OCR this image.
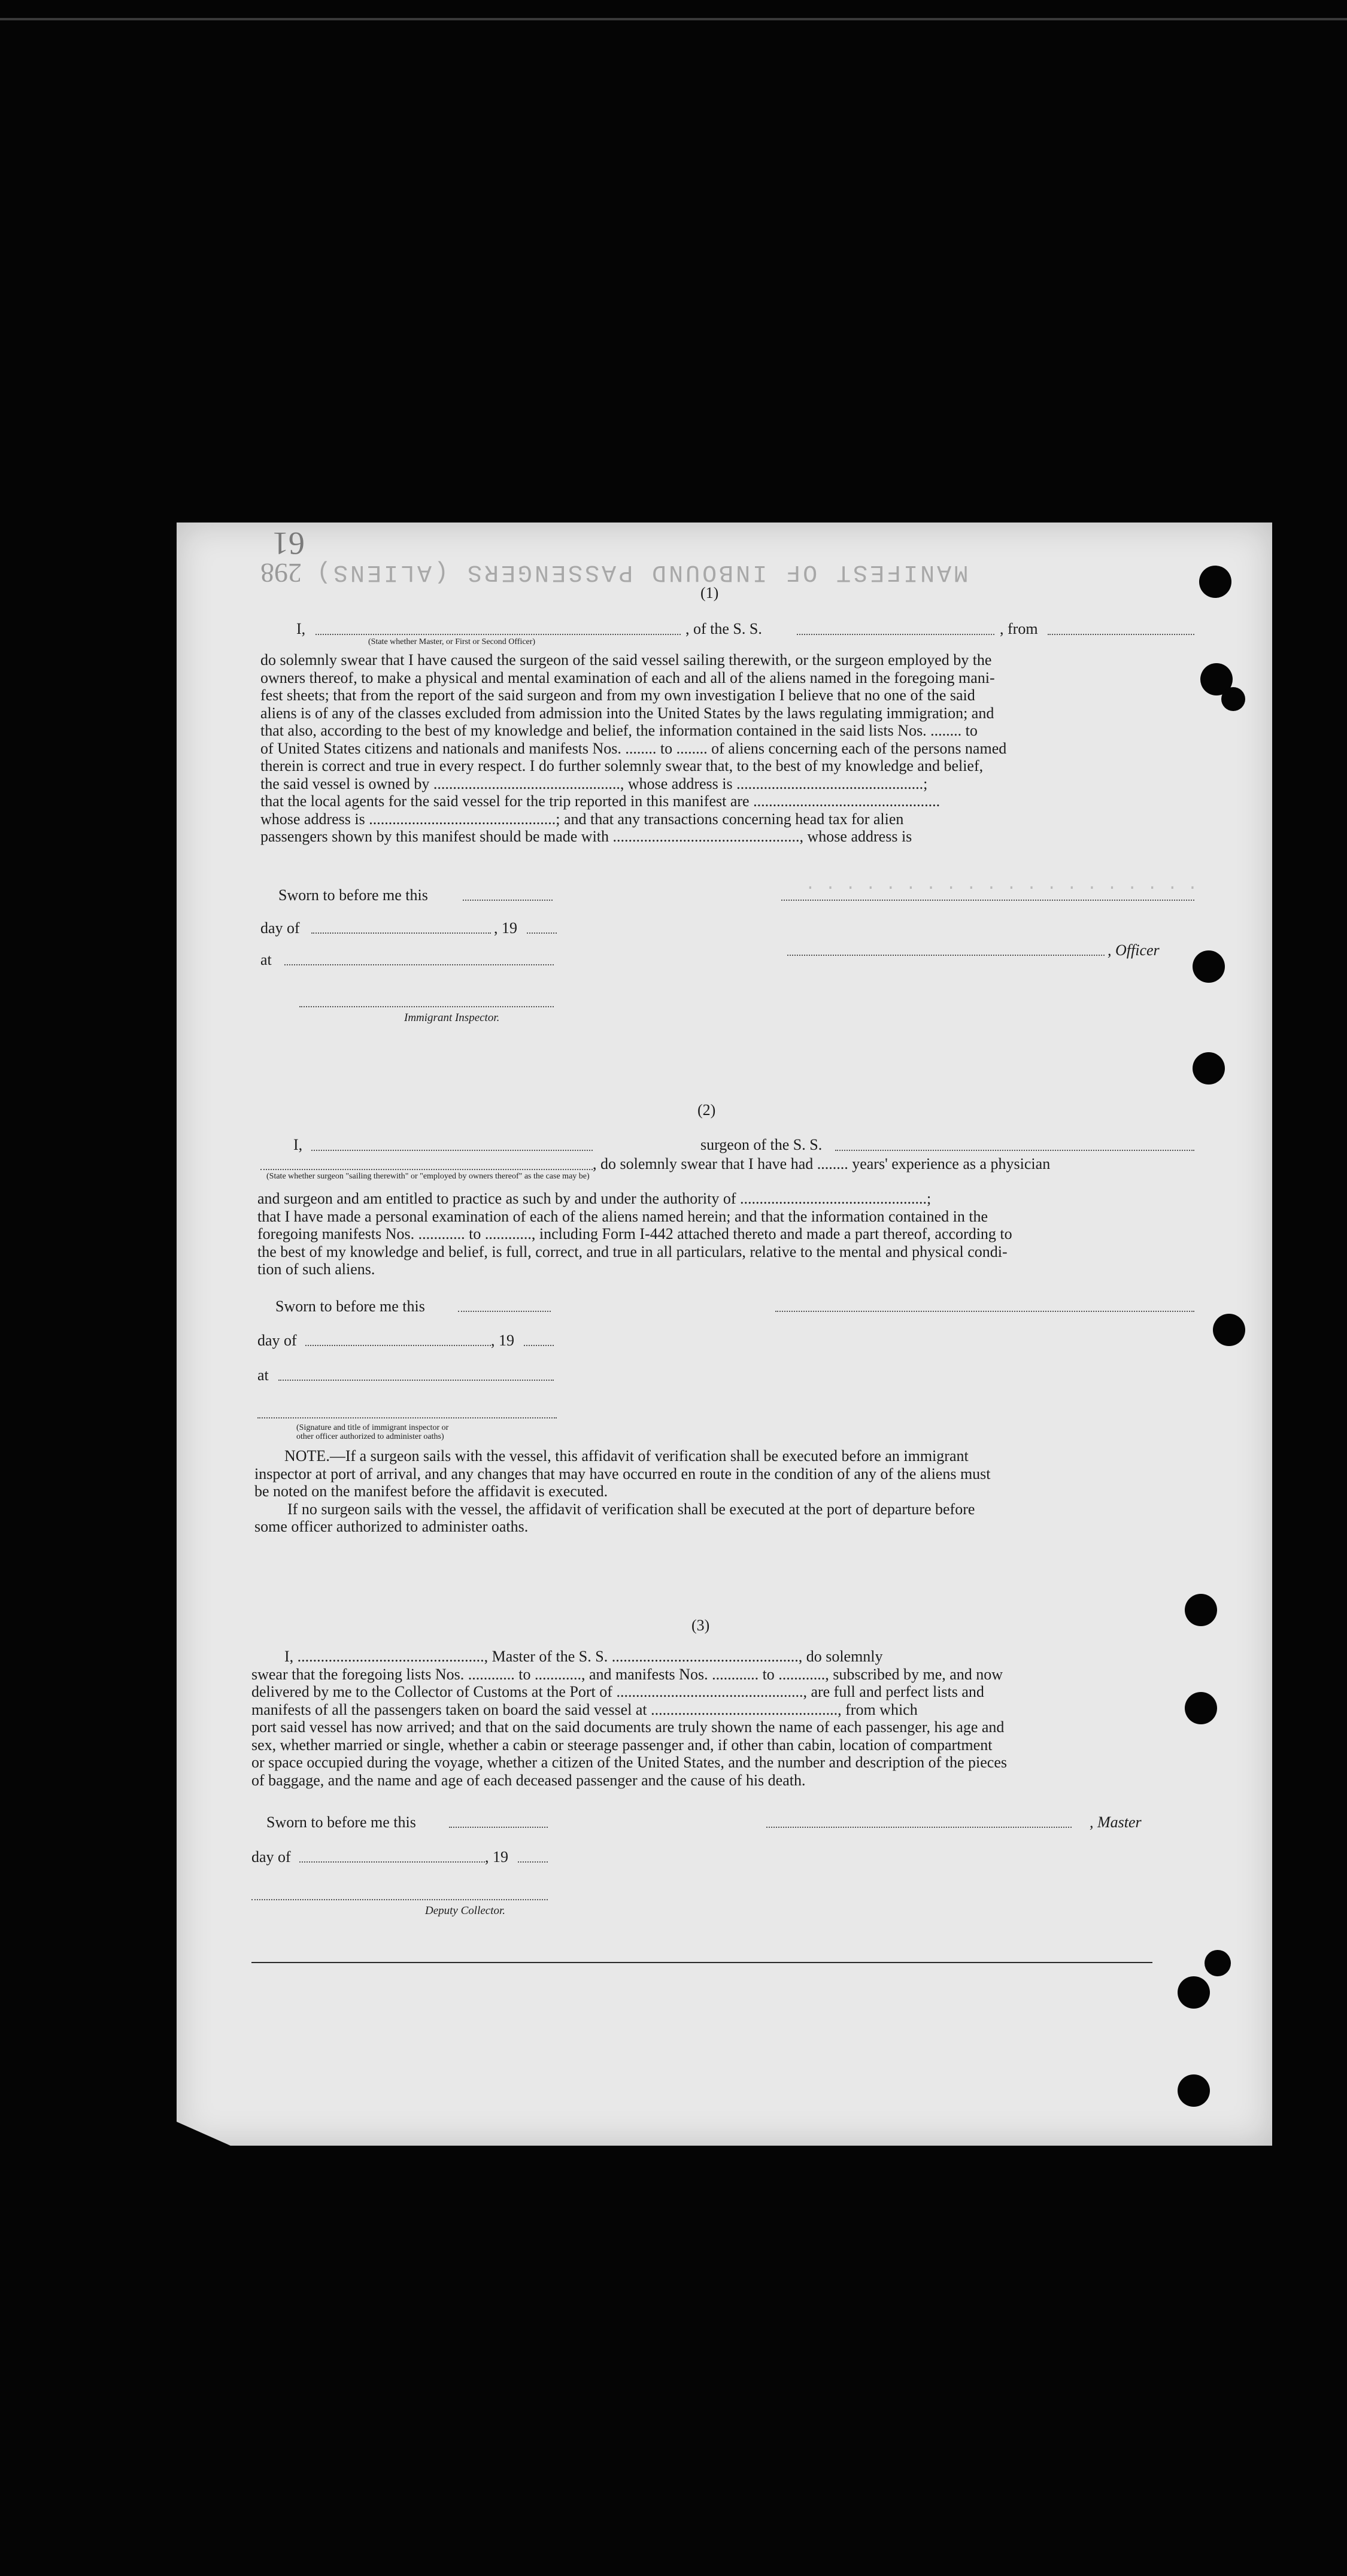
MANIFEST OF INBOUND PASSENGERS (ALIENS)
. . . . . . . . . . . . . . . . . . . .
61
298
(1)
I,	, of the S. S.	, from
(State whether Master, or First or Second Officer)
do solemnly swear that I have caused the surgeon of the said vessel sailing therewith, or the surgeon employed by the
owners thereof, to make a physical and mental examination of each and all of the aliens named in the foregoing mani-
fest sheets; that from the report of the said surgeon and from my own investigation I believe that no one of the said
aliens is of any of the classes excluded from admission into the United States by the laws regulating immigration; and
that also, according to the best of my knowledge and belief, the information contained in the said lists Nos. ........ to
of United States citizens and nationals and manifests Nos. ........ to ........ of aliens concerning each of the persons named
therein is correct and true in every respect. I do further solemnly swear that, to the best of my knowledge and belief,
the said vessel is owned by ................................................, whose address is ................................................;
that the local agents for the said vessel for the trip reported in this manifest are ................................................
whose address is ................................................; and that any transactions concerning head tax for alien
passengers shown by this manifest should be made with ................................................, whose address is
Sworn to before me this
day of	, 19
at
, Officer
Immigrant Inspector.
(2)
I,	surgeon of the S. S.
, do solemnly swear that I have had ........ years' experience as a physician
(State whether surgeon "sailing therewith" or "employed by owners thereof" as the case may be)
and surgeon and am entitled to practice as such by and under the authority of ................................................;
that I have made a personal examination of each of the aliens named herein; and that the information contained in the
foregoing manifests Nos. ............ to ............, including Form I-442 attached thereto and made a part thereof, according to
the best of my knowledge and belief, is full, correct, and true in all particulars, relative to the mental and physical condi-
tion of such aliens.
Sworn to before me this
day of	, 19
at
(Signature and title of immigrant inspector or
other officer authorized to administer oaths)
NOTE.—If a surgeon sails with the vessel, this affidavit of verification shall be executed before an immigrant
inspector at port of arrival, and any changes that may have occurred en route in the condition of any of the aliens must
be noted on the manifest before the affidavit is executed.
If no surgeon sails with the vessel, the affidavit of verification shall be executed at the port of departure before
some officer authorized to administer oaths.
(3)
I, ................................................, Master of the S. S. ................................................, do solemnly
swear that the foregoing lists Nos. ............ to ............, and manifests Nos. ............ to ............, subscribed by me, and now
delivered by me to the Collector of Customs at the Port of ................................................, are full and perfect lists and
manifests of all the passengers taken on board the said vessel at ................................................, from which
port said vessel has now arrived; and that on the said documents are truly shown the name of each passenger, his age and
sex, whether married or single, whether a cabin or steerage passenger and, if other than cabin, location of compartment
or space occupied during the voyage, whether a citizen of the United States, and the number and description of the pieces
of baggage, and the name and age of each deceased passenger and the cause of his death.
Sworn to before me this	, Master
day of	, 19
Deputy Collector.
